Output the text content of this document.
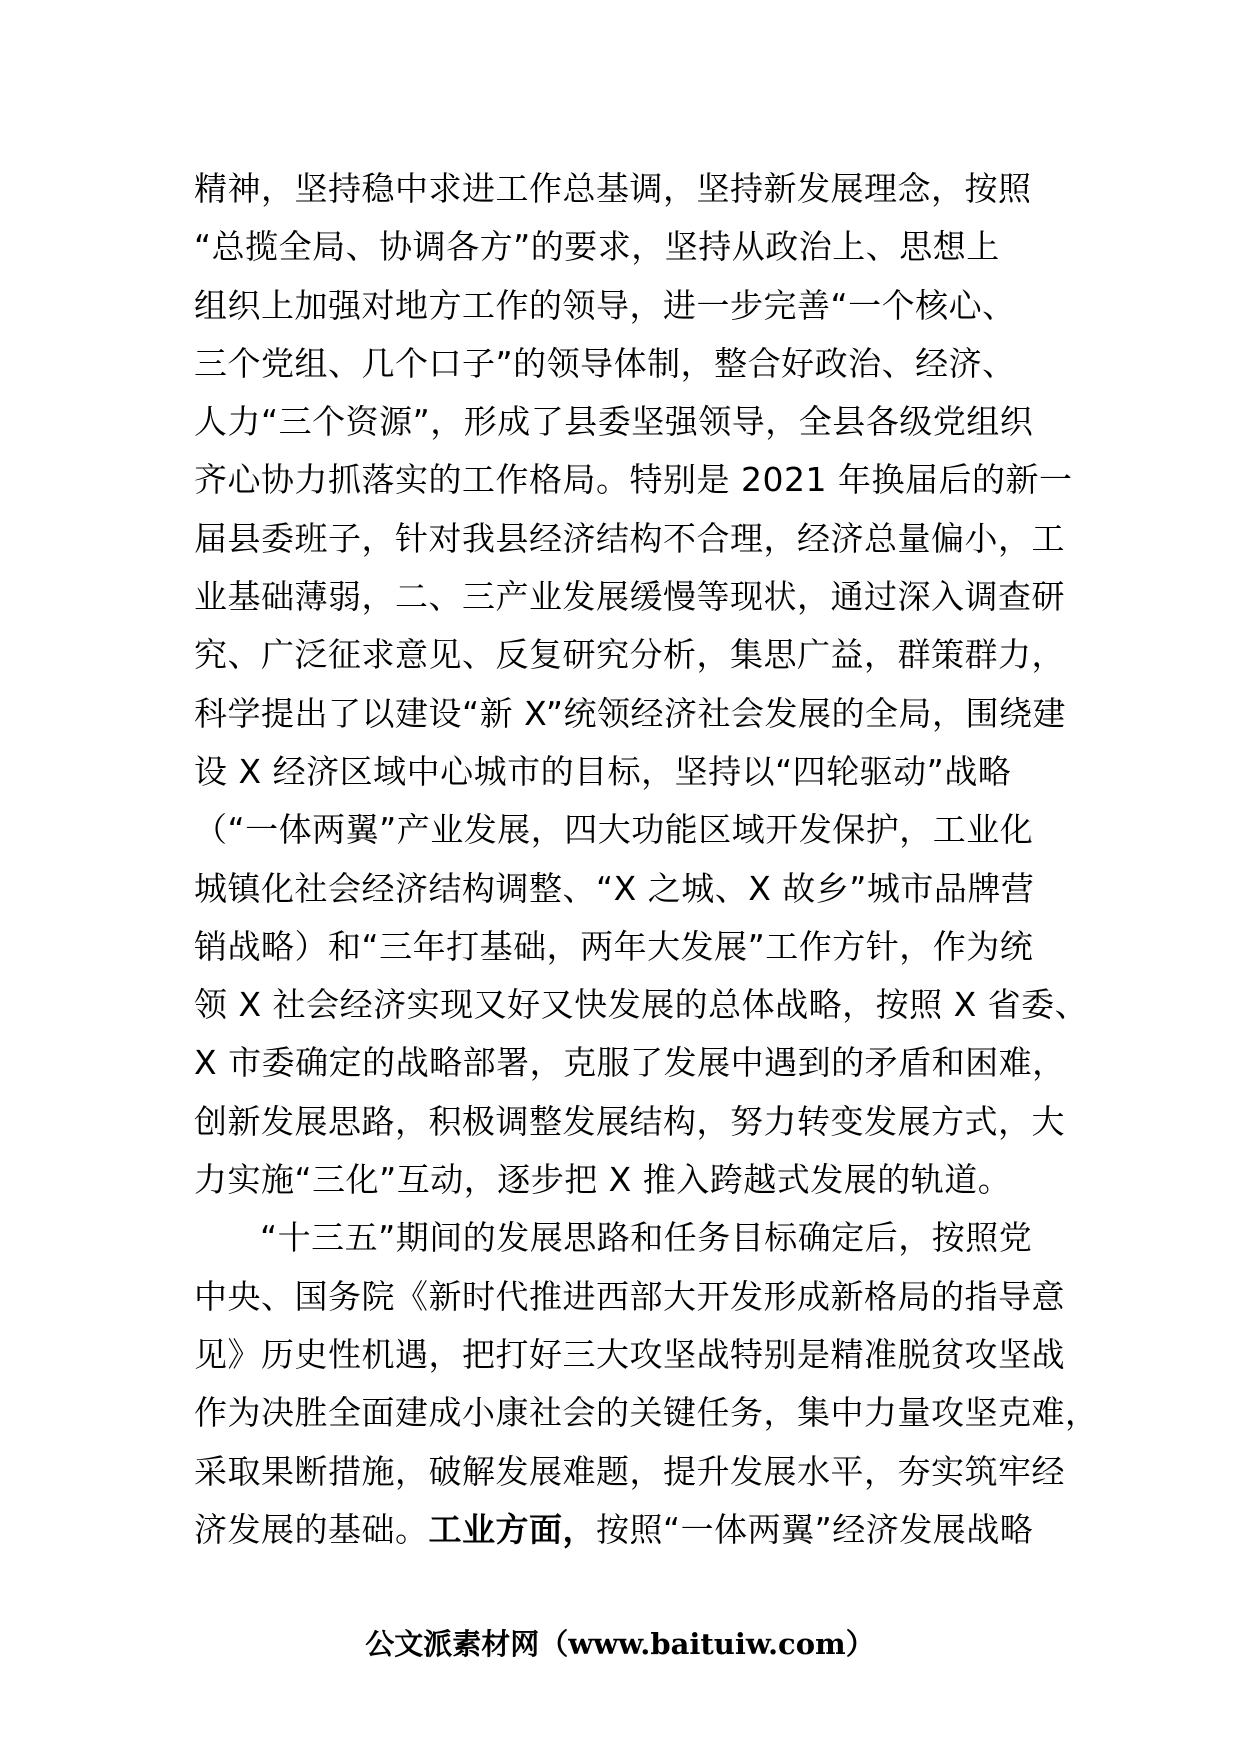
精神，坚持稳中求进工作总基调，坚持新发展理念，按照
“总揽全局、协调各方”的要求，坚持从政治上、思想上
组织上加强对地方工作的领导，进一步完善“一个核心、
三个党组、几个口子”的领导体制，整合好政治、经济、
人力“三个资源”，形成了县委坚强领导，全县各级党组织
齐心协力抓落实的工作格局。特别是 2021 年换届后的新一
届县委班子，针对我县经济结构不合理，经济总量偏小，工
业基础薄弱，二、三产业发展缓慢等现状，通过深入调查研
究、广泛征求意见、反复研究分析，集思广益，群策群力，
科学提出了以建设“新 X”统领经济社会发展的全局，围绕建
设 X 经济区域中心城市的目标，坚持以“四轮驱动”战略
（“一体两翼”产业发展，四大功能区域开发保护，工业化
城镇化社会经济结构调整、“X 之城、X 故乡”城市品牌营
销战略）和“三年打基础，两年大发展”工作方针，作为统
领 X 社会经济实现又好又快发展的总体战略，按照 X 省委、
X 市委确定的战略部署，克服了发展中遇到的矛盾和困难，
创新发展思路，积极调整发展结构，努力转变发展方式，大
力实施“三化”互动，逐步把 X 推入跨越式发展的轨道。
“十三五”期间的发展思路和任务目标确定后，按照党
中央、国务院《新时代推进西部大开发形成新格局的指导意
见》历史性机遇，把打好三大攻坚战特别是精准脱贫攻坚战
作为决胜全面建成小康社会的关键任务，集中力量攻坚克难，
采取果断措施，破解发展难题，提升发展水平，夯实筑牢经
济发展的基础。工业方面，按照“一体两翼”经济发展战略
公文派素材网（www.baituiw.com）
